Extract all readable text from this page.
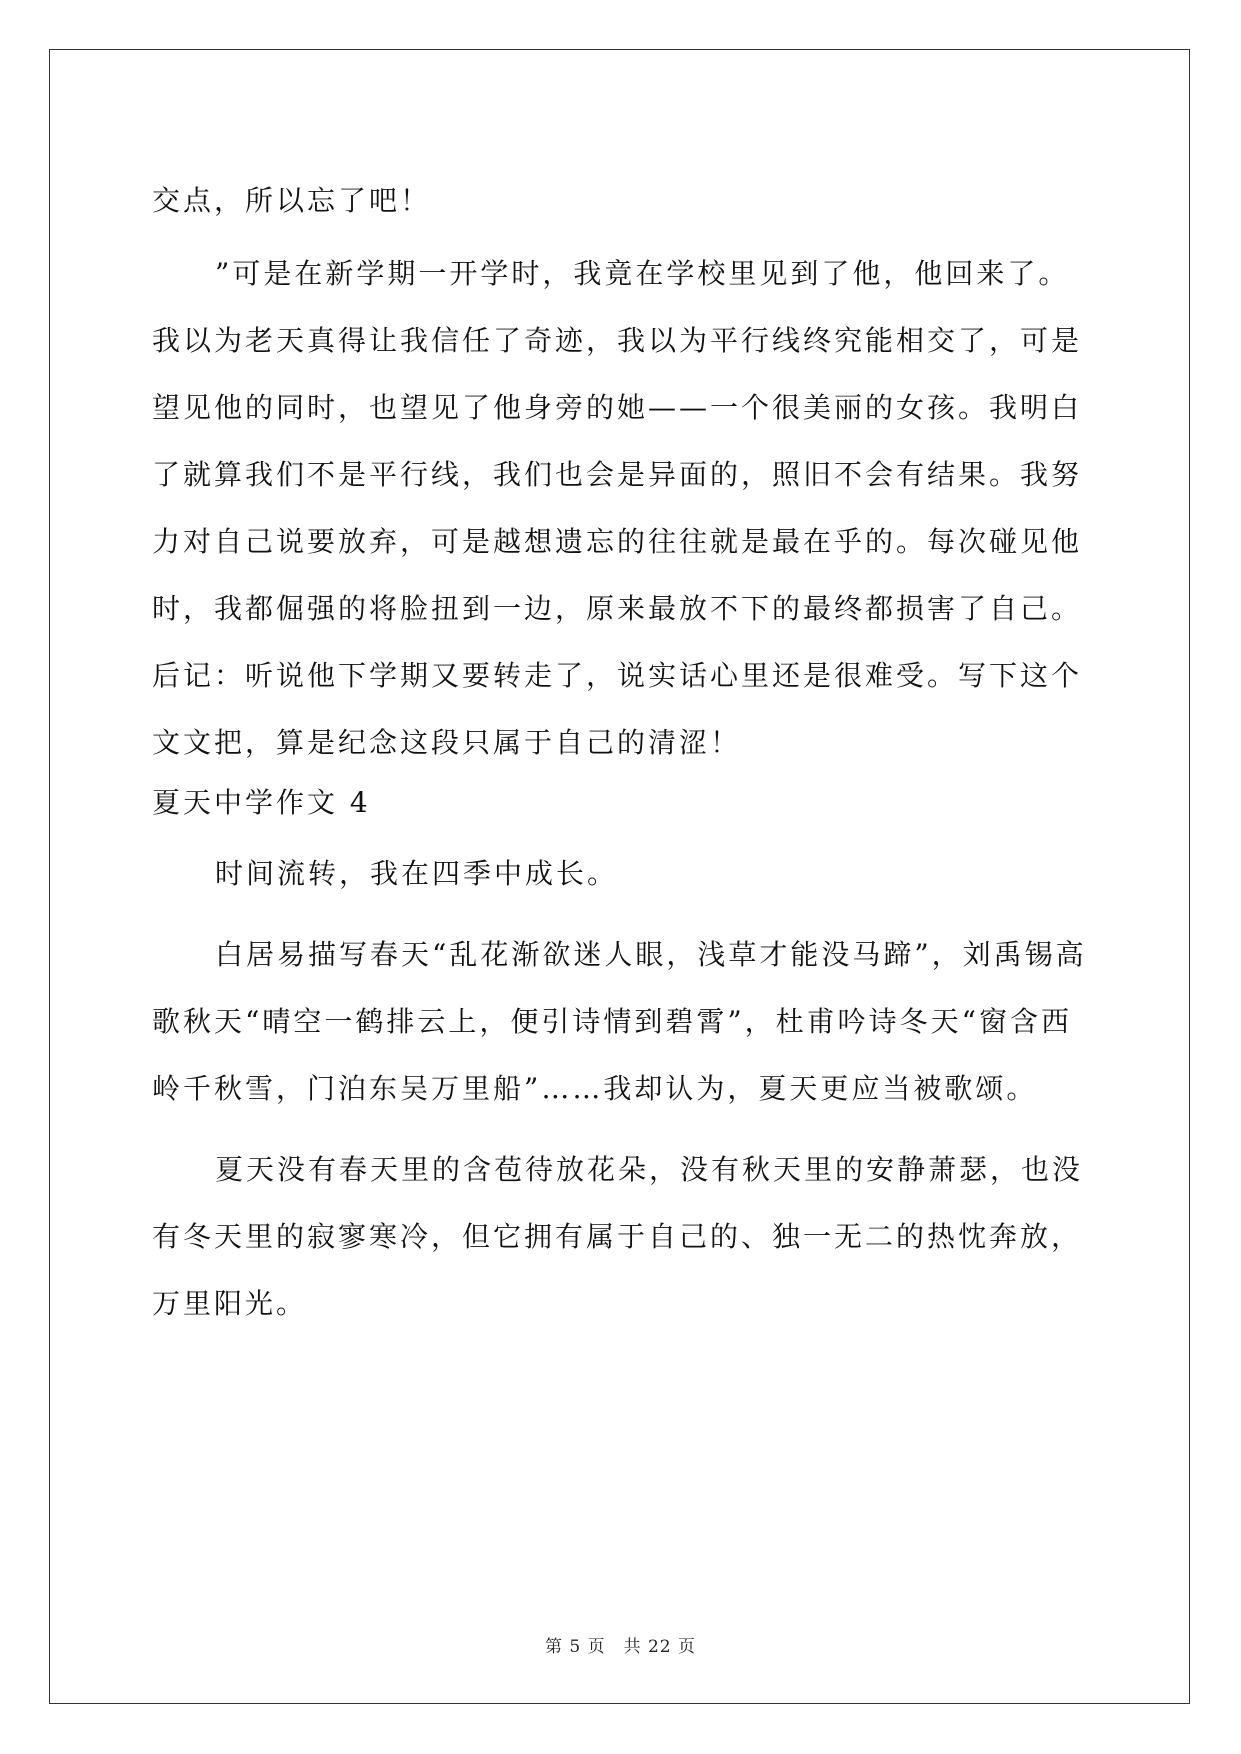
交点，所以忘了吧！
”可是在新学期一开学时，我竟在学校里见到了他，他回来了。
我以为老天真得让我信任了奇迹，我以为平行线终究能相交了，可是
望见他的同时，也望见了他身旁的她——一个很美丽的女孩。我明白
了就算我们不是平行线，我们也会是异面的，照旧不会有结果。我努
力对自己说要放弃，可是越想遗忘的往往就是最在乎的。每次碰见他
时，我都倔强的将脸扭到一边，原来最放不下的最终都损害了自己。
后记：听说他下学期又要转走了，说实话心里还是很难受。写下这个
文文把，算是纪念这段只属于自己的清涩！
夏天中学作文 4
时间流转，我在四季中成长。
白居易描写春天“乱花渐欲迷人眼，浅草才能没马蹄”，刘禹锡高
歌秋天“晴空一鹤排云上，便引诗情到碧霄”，杜甫吟诗冬天“窗含西
岭千秋雪，门泊东吴万里船”……我却认为，夏天更应当被歌颂。
夏天没有春天里的含苞待放花朵，没有秋天里的安静萧瑟，也没
有冬天里的寂寥寒冷，但它拥有属于自己的、独一无二的热忱奔放，
万里阳光。
第 5 页 共 22 页
